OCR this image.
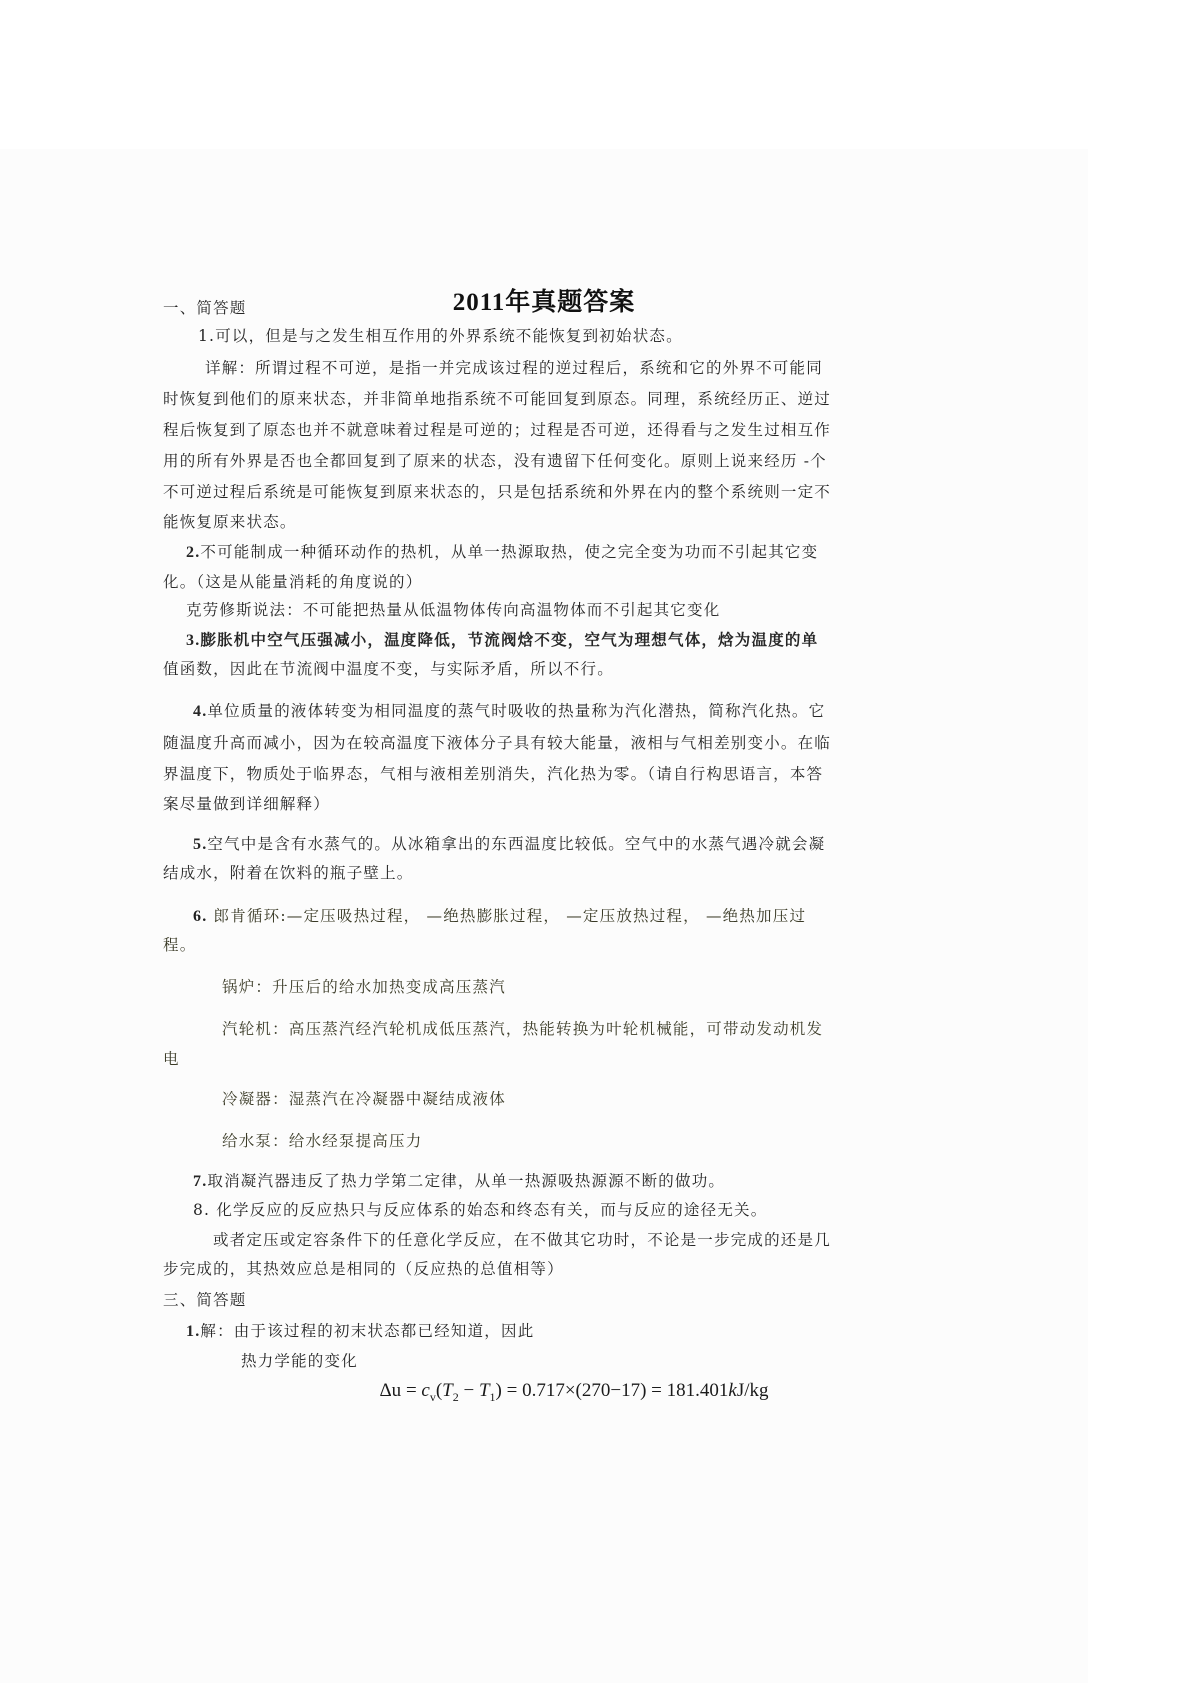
2011年真题答案
一、简答题
1.可以，但是与之发生相互作用的外界系统不能恢复到初始状态。
详解：所谓过程不可逆，是指一并完成该过程的逆过程后，系统和它的外界不可能同
时恢复到他们的原来状态，并非简单地指系统不可能回复到原态。同理，系统经历正、逆过
程后恢复到了原态也并不就意味着过程是可逆的；过程是否可逆，还得看与之发生过相互作
用的所有外界是否也全都回复到了原来的状态，没有遗留下任何变化。原则上说来经历 -个
不可逆过程后系统是可能恢复到原来状态的，只是包括系统和外界在内的整个系统则一定不
能恢复原来状态。
2.不可能制成一种循环动作的热机，从单一热源取热，使之完全变为功而不引起其它变
化。（这是从能量消耗的角度说的）
克劳修斯说法：不可能把热量从低温物体传向高温物体而不引起其它变化
3.膨胀机中空气压强减小，温度降低，节流阀焓不变，空气为理想气体，焓为温度的单
值函数，因此在节流阀中温度不变，与实际矛盾，所以不行。
4.单位质量的液体转变为相同温度的蒸气时吸收的热量称为汽化潜热，简称汽化热。它
随温度升高而减小，因为在较高温度下液体分子具有较大能量，液相与气相差别变小。在临
界温度下，物质处于临界态，气相与液相差别消失，汽化热为零。（请自行构思语言，本答
案尽量做到详细解释）
5.空气中是含有水蒸气的。从冰箱拿出的东西温度比较低。空气中的水蒸气遇冷就会凝
结成水，附着在饮料的瓶子壁上。
6. 郎肯循环:—定压吸热过程， —绝热膨胀过程， —定压放热过程， —绝热加压过
程。
锅炉：升压后的给水加热变成高压蒸汽
汽轮机：高压蒸汽经汽轮机成低压蒸汽，热能转换为叶轮机械能，可带动发动机发
电
冷凝器：湿蒸汽在冷凝器中凝结成液体
给水泵：给水经泵提高压力
7.取消凝汽器违反了热力学第二定律，从单一热源吸热源源不断的做功。
8. 化学反应的反应热只与反应体系的始态和终态有关，而与反应的途径无关。
或者定压或定容条件下的任意化学反应，在不做其它功时，不论是一步完成的还是几
步完成的，其热效应总是相同的（反应热的总值相等）
三、简答题
1.解：由于该过程的初末状态都已经知道，因此
热力学能的变化
$\Delta u = c_v(T_2 - T_1) = 0.717\times(270-17) = 181.401kJ/kg$
